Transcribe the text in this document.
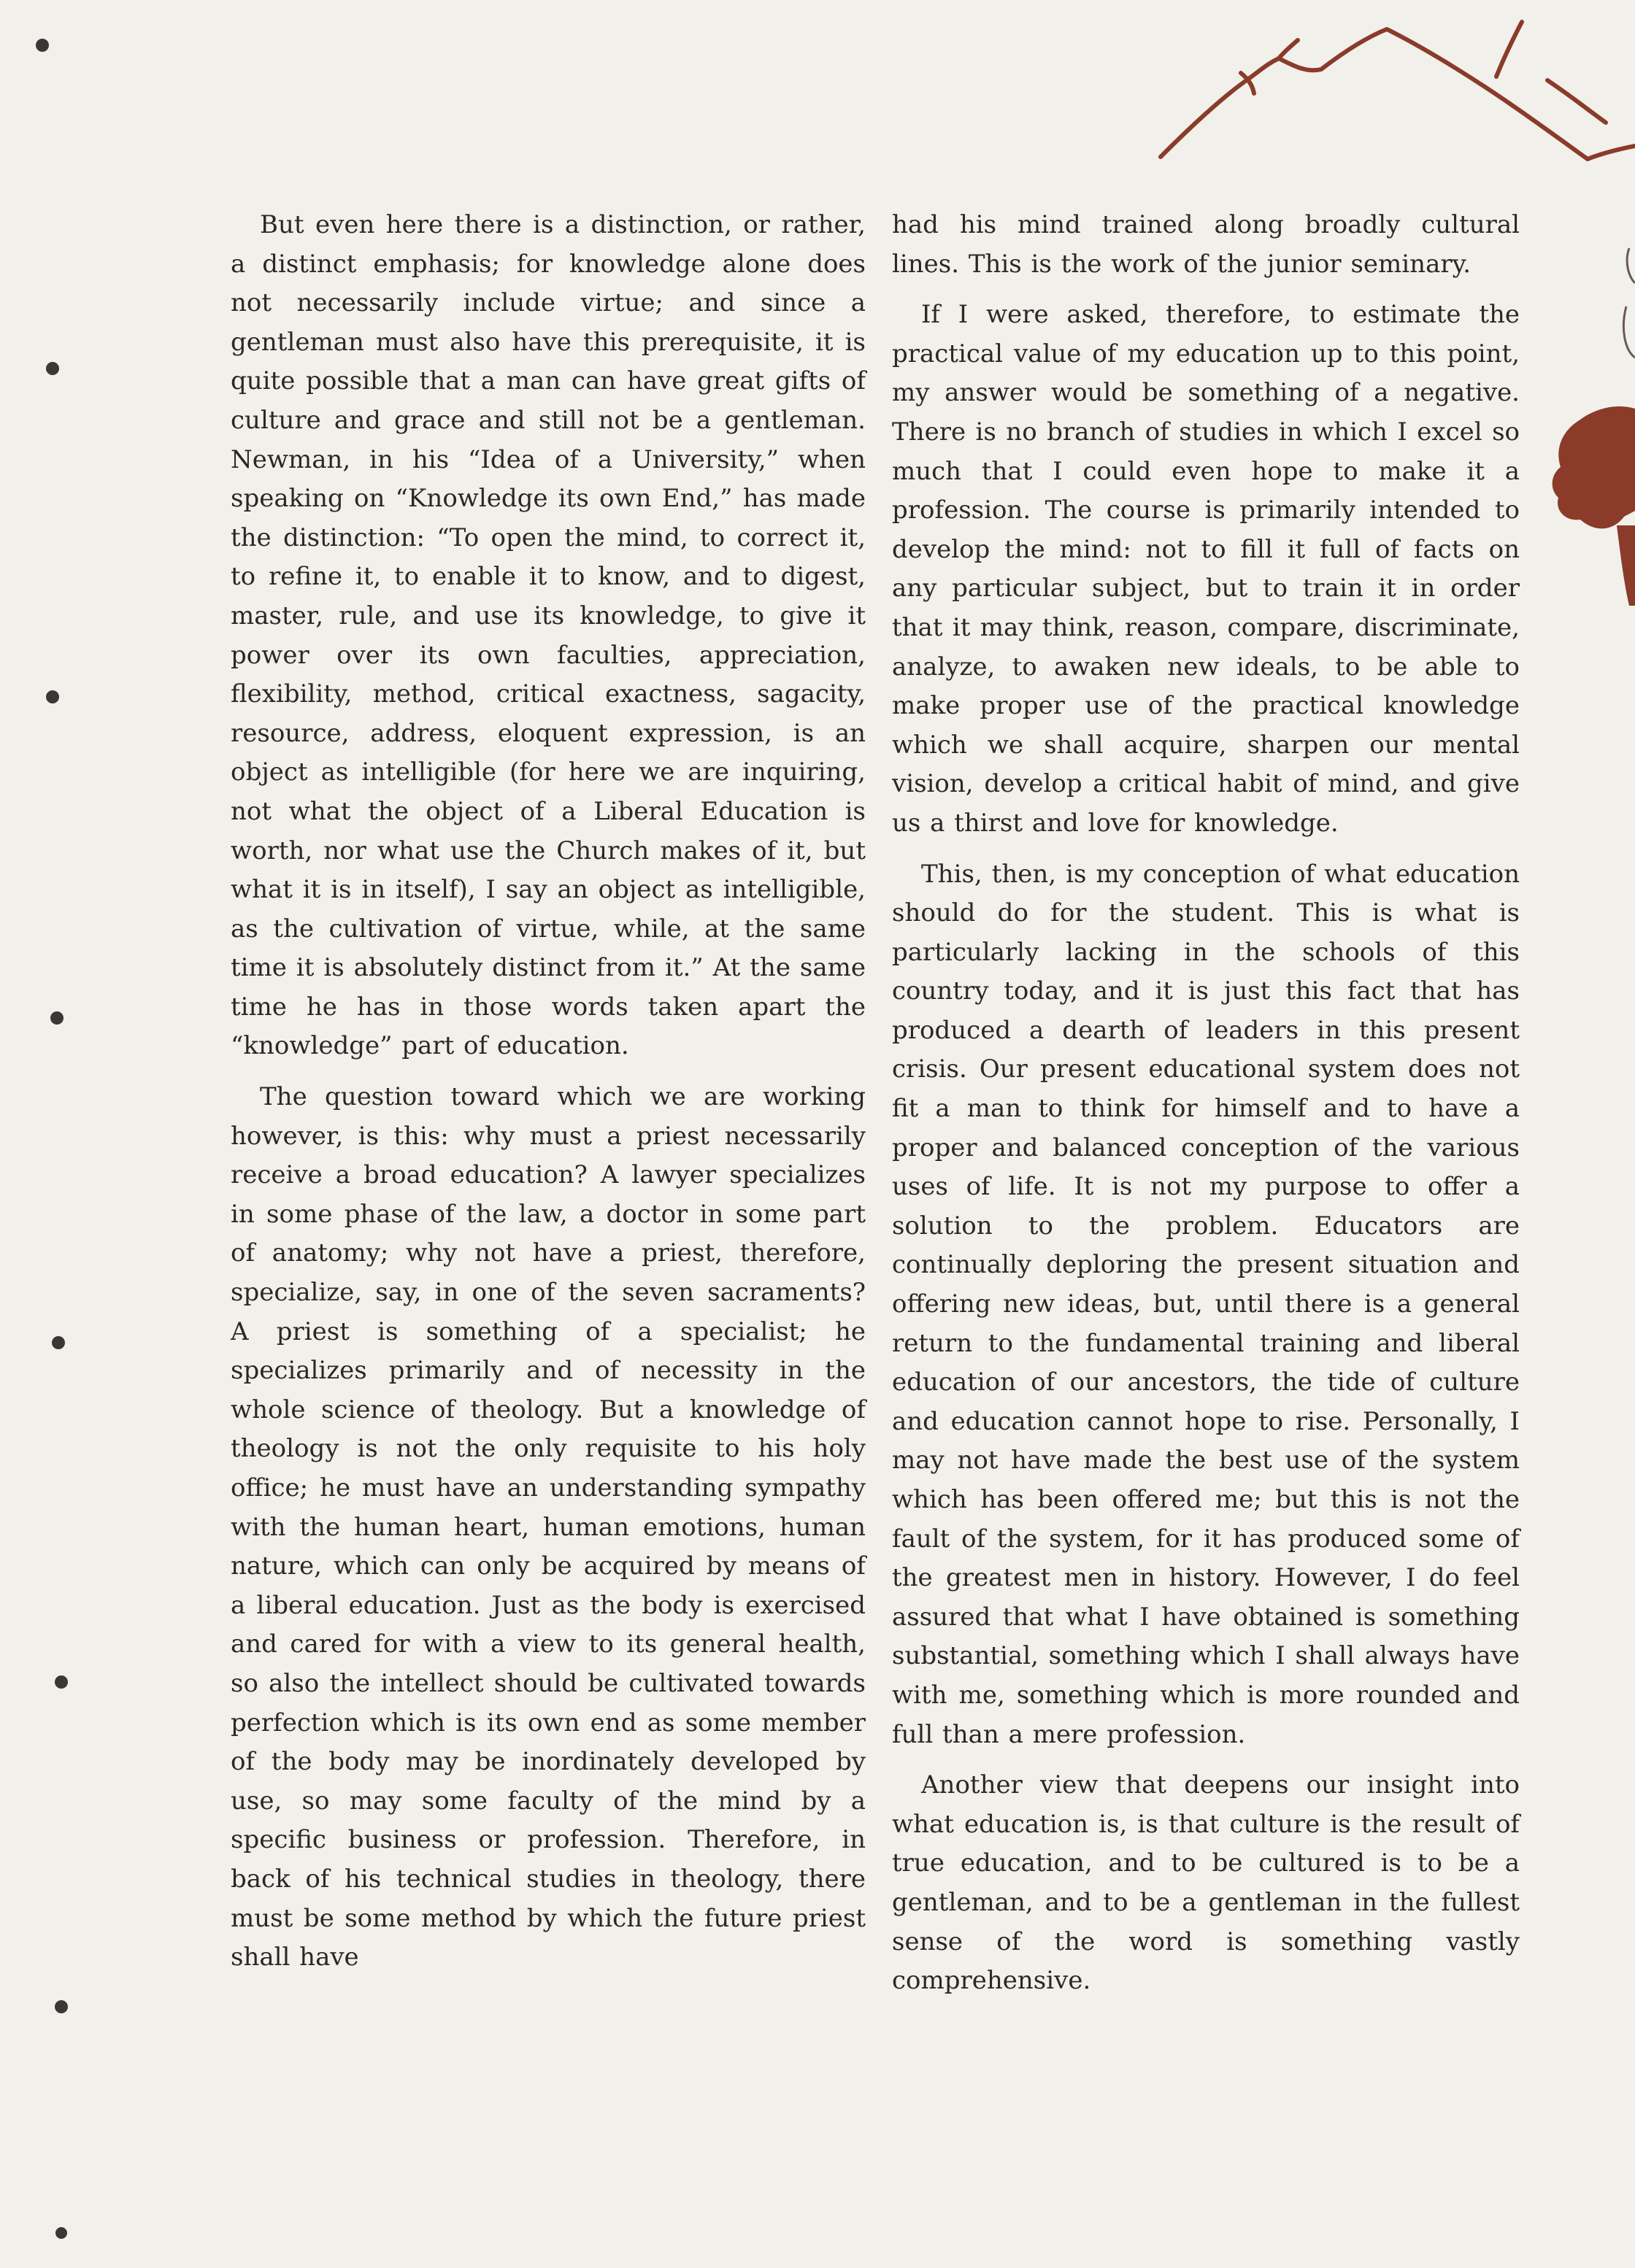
But even here there is a distinction, or rather, a distinct emphasis; for knowledge alone does not necessarily include virtue; and since a gentleman must also have this prerequisite, it is quite possible that a man can have great gifts of culture and grace and still not be a gentleman. Newman, in his “Idea of a University,” when speaking on “Knowledge its own End,” has made the distinction: “To open the mind, to correct it, to refine it, to enable it to know, and to digest, master, rule, and use its knowledge, to give it power over its own faculties, appreciation, flexibility, method, critical exactness, sagacity, resource, address, eloquent expression, is an object as intelligible (for here we are inquiring, not what the object of a Liberal Education is worth, nor what use the Church makes of it, but what it is in itself), I say an object as intelligible, as the cultivation of virtue, while, at the same time it is absolutely distinct from it.” At the same time he has in those words taken apart the “knowledge” part of education.

The question toward which we are working however, is this: why must a priest necessarily receive a broad education? A lawyer specializes in some phase of the law, a doctor in some part of anatomy; why not have a priest, therefore, specialize, say, in one of the seven sacraments? A priest is something of a specialist; he specializes primarily and of necessity in the whole science of theology. But a knowledge of theology is not the only requisite to his holy office; he must have an understanding sympathy with the human heart, human emotions, human nature, which can only be acquired by means of a liberal education. Just as the body is exercised and cared for with a view to its general health, so also the intellect should be cultivated towards perfection which is its own end as some member of the body may be inordinately developed by use, so may some faculty of the mind by a specific business or profession. Therefore, in back of his technical studies in theology, there must be some method by which the future priest shall have

had his mind trained along broadly cultural lines. This is the work of the junior seminary.

If I were asked, therefore, to estimate the practical value of my education up to this point, my answer would be something of a negative. There is no branch of studies in which I excel so much that I could even hope to make it a profession. The course is primarily intended to develop the mind: not to fill it full of facts on any particular subject, but to train it in order that it may think, reason, compare, discriminate, analyze, to awaken new ideals, to be able to make proper use of the practical knowledge which we shall acquire, sharpen our mental vision, develop a critical habit of mind, and give us a thirst and love for knowledge.

This, then, is my conception of what education should do for the student. This is what is particularly lacking in the schools of this country today, and it is just this fact that has produced a dearth of leaders in this present crisis. Our present educational system does not fit a man to think for himself and to have a proper and balanced conception of the various uses of life. It is not my purpose to offer a solution to the problem. Educators are continually deploring the present situation and offering new ideas, but, until there is a general return to the fundamental training and liberal education of our ancestors, the tide of culture and education cannot hope to rise. Personally, I may not have made the best use of the system which has been offered me; but this is not the fault of the system, for it has produced some of the greatest men in history. However, I do feel assured that what I have obtained is something substantial, something which I shall always have with me, something which is more rounded and full than a mere profession.

Another view that deepens our insight into what education is, is that culture is the result of true education, and to be cultured is to be a gentleman, and to be a gentleman in the fullest sense of the word is something vastly comprehensive.
